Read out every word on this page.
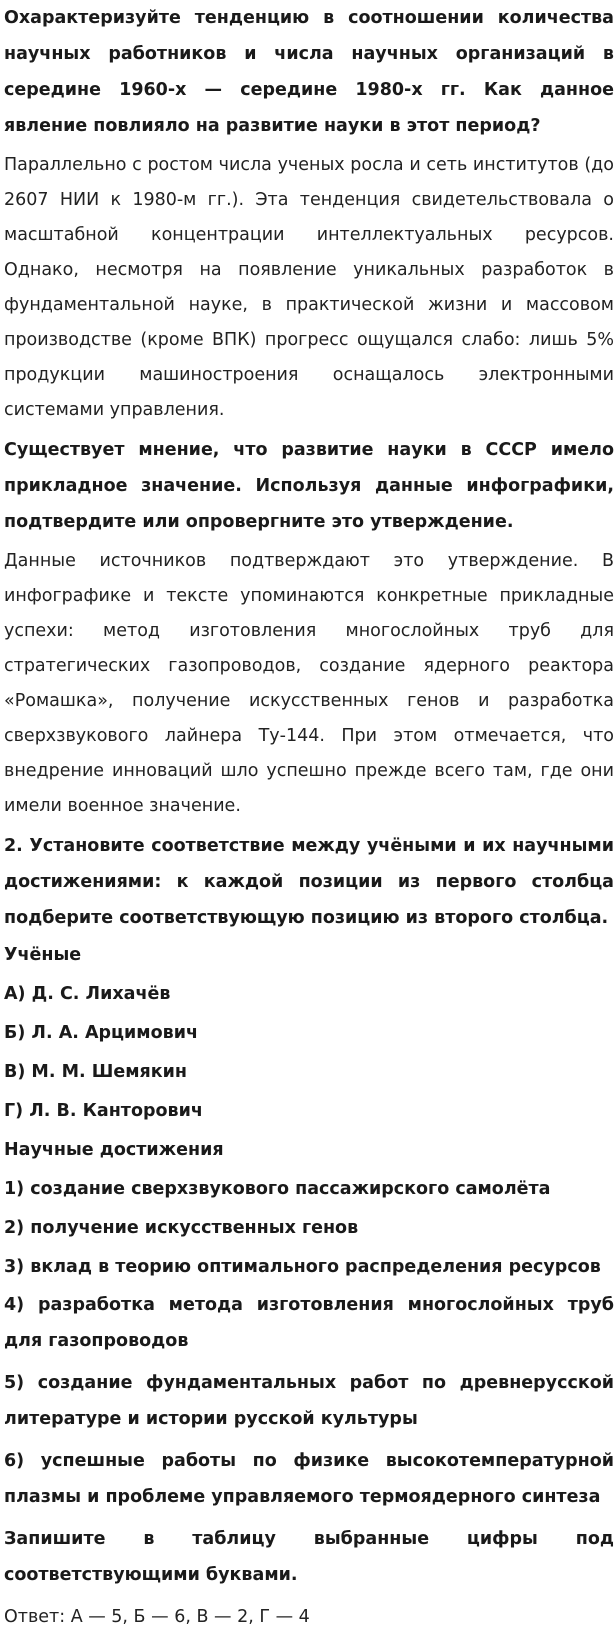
Охарактеризуйте тенденцию в соотношении количества научных работников и числа научных организаций в середине 1960-х — середине 1980-х гг. Как данное явление повлияло на развитие науки в этот период?

Параллельно с ростом числа ученых росла и сеть институтов (до 2607 НИИ к 1980-м гг.). Эта тенденция свидетельствовала о масштабной концентрации интеллектуальных ресурсов. Однако, несмотря на появление уникальных разработок в фундаментальной науке, в практической жизни и массовом производстве (кроме ВПК) прогресс ощущался слабо: лишь 5% продукции машиностроения оснащалось электронными системами управления.

Существует мнение, что развитие науки в СССР имело прикладное значение. Используя данные инфографики, подтвердите или опровергните это утверждение.

Данные источников подтверждают это утверждение. В инфографике и тексте упоминаются конкретные прикладные успехи: метод изготовления многослойных труб для стратегических газопроводов, создание ядерного реактора «Ромашка», получение искусственных генов и разработка сверхзвукового лайнера Ту-144. При этом отмечается, что внедрение инноваций шло успешно прежде всего там, где они имели военное значение.

2. Установите соответствие между учёными и их научными достижениями: к каждой позиции из первого столбца подберите соответствующую позицию из второго столбца.

Учёные

А) Д. С. Лихачёв

Б) Л. А. Арцимович

В) М. М. Шемякин

Г) Л. В. Канторович

Научные достижения

1) создание сверхзвукового пассажирского самолёта

2) получение искусственных генов

3) вклад в теорию оптимального распределения ресурсов

4) разработка метода изготовления многослойных труб для газопроводов

5) создание фундаментальных работ по древнерусской литературе и истории русской культуры

6) успешные работы по физике высокотемпературной плазмы и проблеме управляемого термоядерного синтеза

Запишите в таблицу выбранные цифры под соответствующими буквами.

Ответ: А — 5, Б — 6, В — 2, Г — 4
